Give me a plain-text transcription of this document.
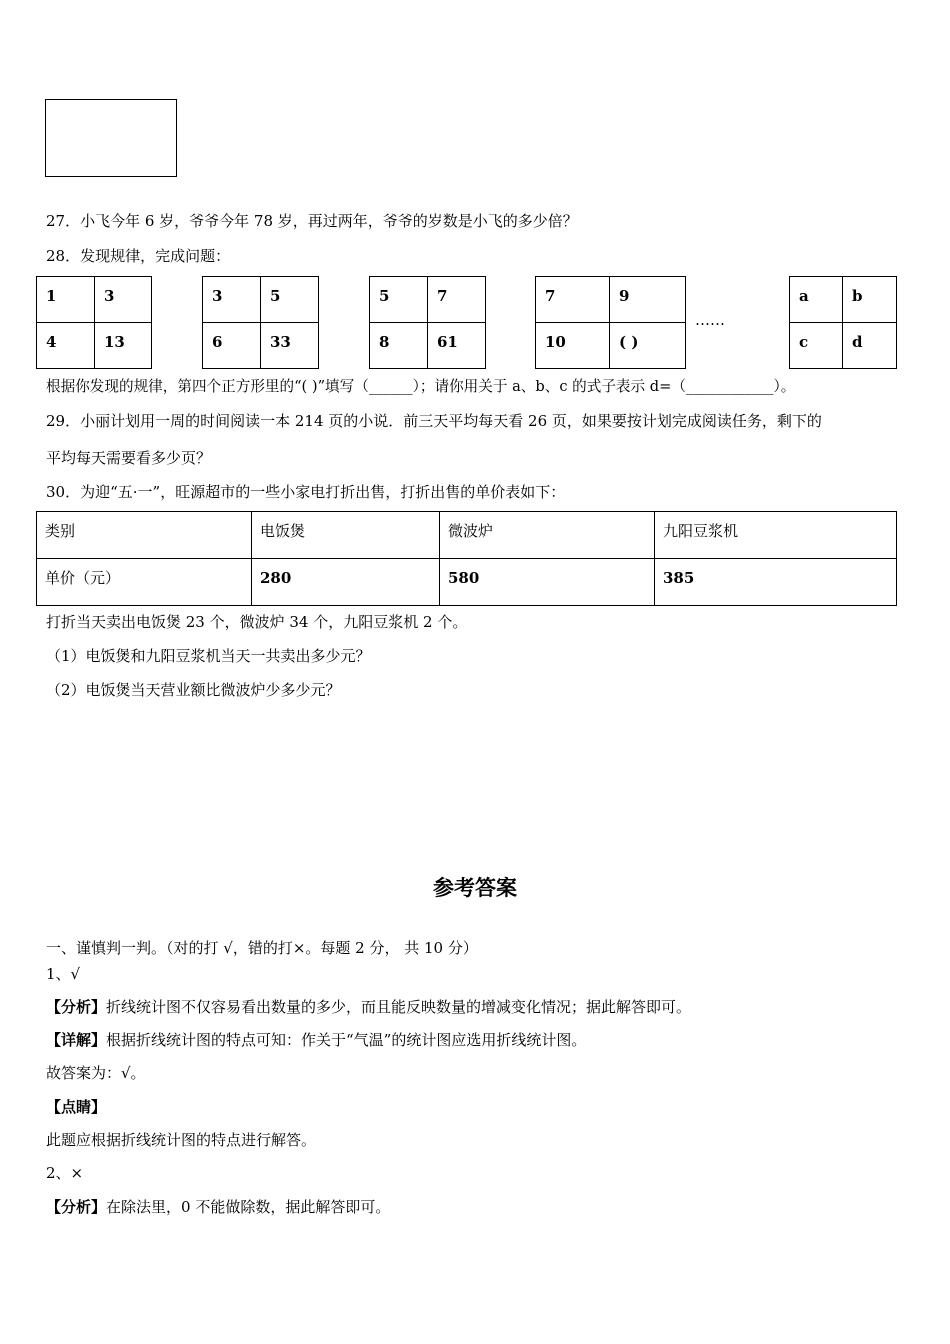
27．小飞今年 6 岁，爷爷今年 78 岁，再过两年，爷爷的岁数是小飞的多少倍？
28．发现规律，完成问题：
1	3
4	13
3	5
6	33
5	7
8	61
7	9
10	( )
……
a	b
c	d
根据你发现的规律，第四个正方形里的“( )”填写（______）；请你用关于 a、b、c 的式子表示 d=（____________）。
29．小丽计划用一周的时间阅读一本 214 页的小说．前三天平均每天看 26 页，如果要按计划完成阅读任务，剩下的
平均每天需要看多少页？
30．为迎“五·一”，旺源超市的一些小家电打折出售，打折出售的单价表如下：
类别	电饭煲	微波炉	九阳豆浆机
单价（元）	280	580	385
打折当天卖出电饭煲 23 个，微波炉 34 个，九阳豆浆机 2 个。
（1）电饭煲和九阳豆浆机当天一共卖出多少元？
（2）电饭煲当天营业额比微波炉少多少元？
参考答案
一、谨慎判一判。（对的打 √，错的打×。每题 2 分， 共 10 分）
1、√
【分析】折线统计图不仅容易看出数量的多少，而且能反映数量的增减变化情况；据此解答即可。
【详解】根据折线统计图的特点可知：作关于“气温”的统计图应选用折线统计图。
故答案为：√。
【点睛】
此题应根据折线统计图的特点进行解答。
2、×
【分析】在除法里，0 不能做除数，据此解答即可。
